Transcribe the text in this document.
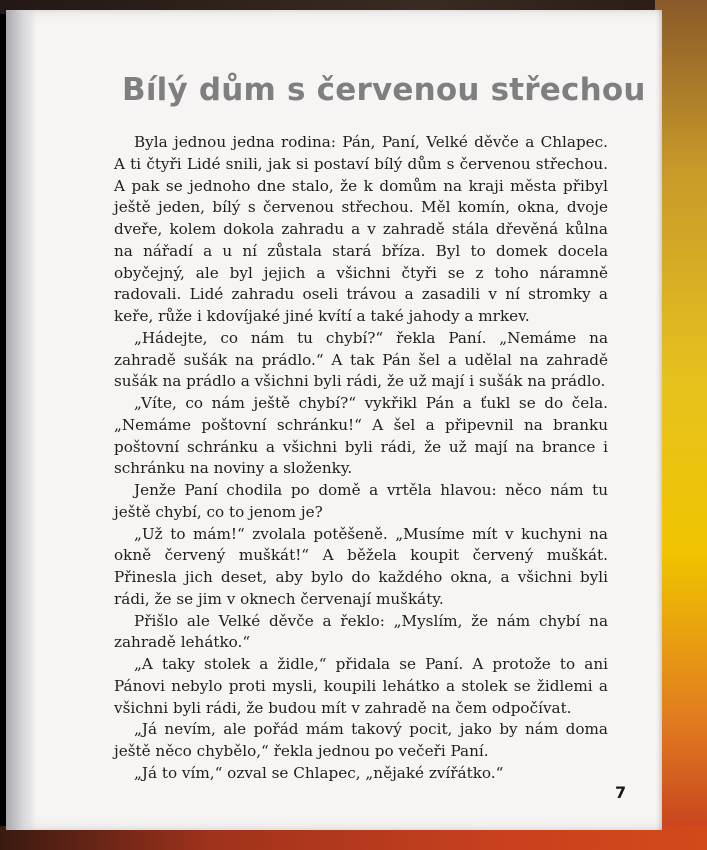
Bílý dům s červenou střechou

Byla jednou jedna rodina: Pán, Paní, Velké děvče a Chlapec. A ti čtyři Lidé snili, jak si postaví bílý dům s červenou střechou. A pak se jednoho dne stalo, že k domům na kraji města přibyl ještě jeden, bílý s červenou střechou. Měl komín, okna, dvoje dveře, kolem dokola zahradu a v zahradě stála dřevěná kůlna na nářadí a u ní zůstala stará bříza. Byl to domek docela obyčejný, ale byl jejich a všichni čtyři se z toho náramně radovali. Lidé zahradu oseli trávou a zasadili v ní stromky a keře, růže i kdovíjaké jiné kvítí a také jahody a mrkev.

„Hádejte, co nám tu chybí?“ řekla Paní. „Nemáme na zahradě sušák na prádlo.“ A tak Pán šel a udělal na zahradě sušák na prádlo a všichni byli rádi, že už mají i sušák na prádlo.

„Víte, co nám ještě chybí?“ vykřikl Pán a ťukl se do čela. „Nemáme poštovní schránku!“ A šel a připevnil na branku poštovní schránku a všichni byli rádi, že už mají na brance i schránku na noviny a složenky.

Jenže Paní chodila po domě a vrtěla hlavou: něco nám tu ještě chybí, co to jenom je?

„Už to mám!“ zvolala potěšeně. „Musíme mít v kuchyni na okně červený muškát!“ A běžela koupit červený muškát. Přinesla jich deset, aby bylo do každého okna, a všichni byli rádi, že se jim v oknech červenají muškáty.

Přišlo ale Velké děvče a řeklo: „Myslím, že nám chybí na zahradě lehátko.“

„A taky stolek a židle,“ přidala se Paní. A protože to ani Pánovi nebylo proti mysli, koupili lehátko a stolek se židlemi a všichni byli rádi, že budou mít v zahradě na čem odpočívat.

„Já nevím, ale pořád mám takový pocit, jako by nám doma ještě něco chybělo,“ řekla jednou po večeři Paní.

„Já to vím,“ ozval se Chlapec, „nějaké zvířátko.“

7
